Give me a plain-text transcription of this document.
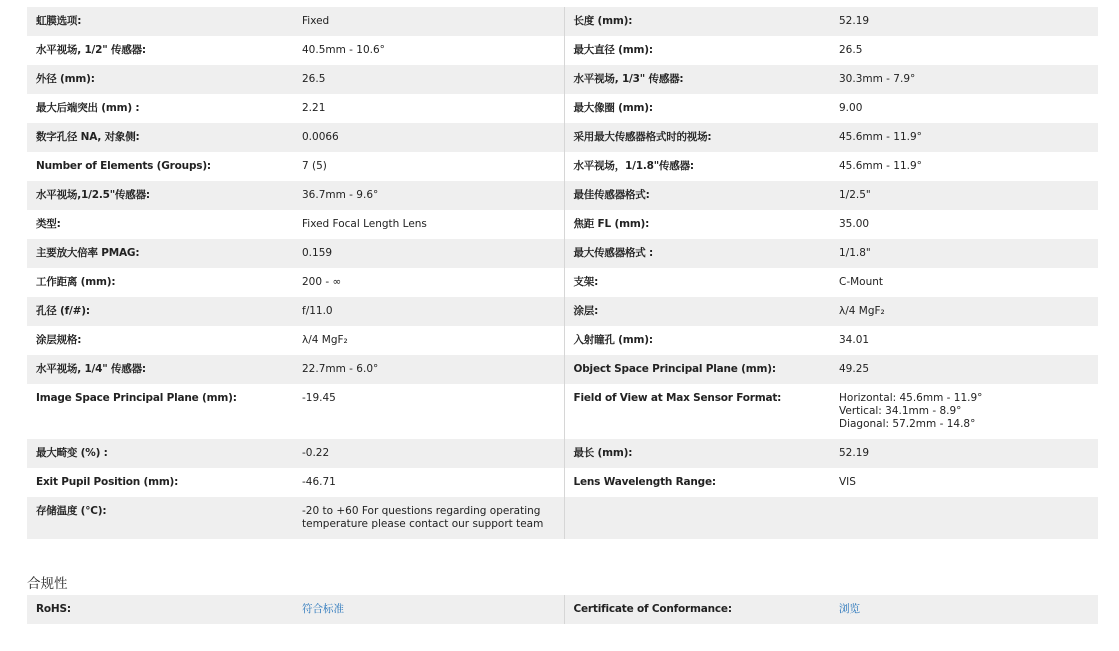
虹膜选项:	Fixed	长度 (mm):	52.19
水平视场, 1/2" 传感器:	40.5mm - 10.6°	最大直径 (mm):	26.5
外径 (mm):	26.5	水平视场, 1/3" 传感器:	30.3mm - 7.9°
最大后端突出 (mm) :	2.21	最大像圈 (mm):	9.00
数字孔径 NA, 对象侧:	0.0066	采用最大传感器格式时的视场:	45.6mm - 11.9°
Number of Elements (Groups):	7 (5)	水平视场，1/1.8"传感器:	45.6mm - 11.9°
水平视场,1/2.5"传感器:	36.7mm - 9.6°	最佳传感器格式:	1/2.5"
类型:	Fixed Focal Length Lens	焦距 FL (mm):	35.00
主要放大倍率 PMAG:	0.159	最大传感器格式 :	1/1.8"
工作距离 (mm):	200 - ∞	支架:	C-Mount
孔径 (f/#):	f/11.0	涂层:	λ/4 MgF₂
涂层规格:	λ/4 MgF₂	入射瞳孔 (mm):	34.01
水平视场, 1/4" 传感器:	22.7mm - 6.0°	Object Space Principal Plane (mm):	49.25
Image Space Principal Plane (mm):	-19.45	Field of View at Max Sensor Format:	Horizontal: 45.6mm - 11.9°
Vertical: 34.1mm - 8.9°
Diagonal: 57.2mm - 14.8°
最大畸变 (%) :	-0.22	最长 (mm):	52.19
Exit Pupil Position (mm):	-46.71	Lens Wavelength Range:	VIS
存储温度 (°C):	-20 to +60 For questions regarding operating
temperature please contact our support team		
合规性
RoHS:	符合标准	Certificate of Conformance:	浏览
